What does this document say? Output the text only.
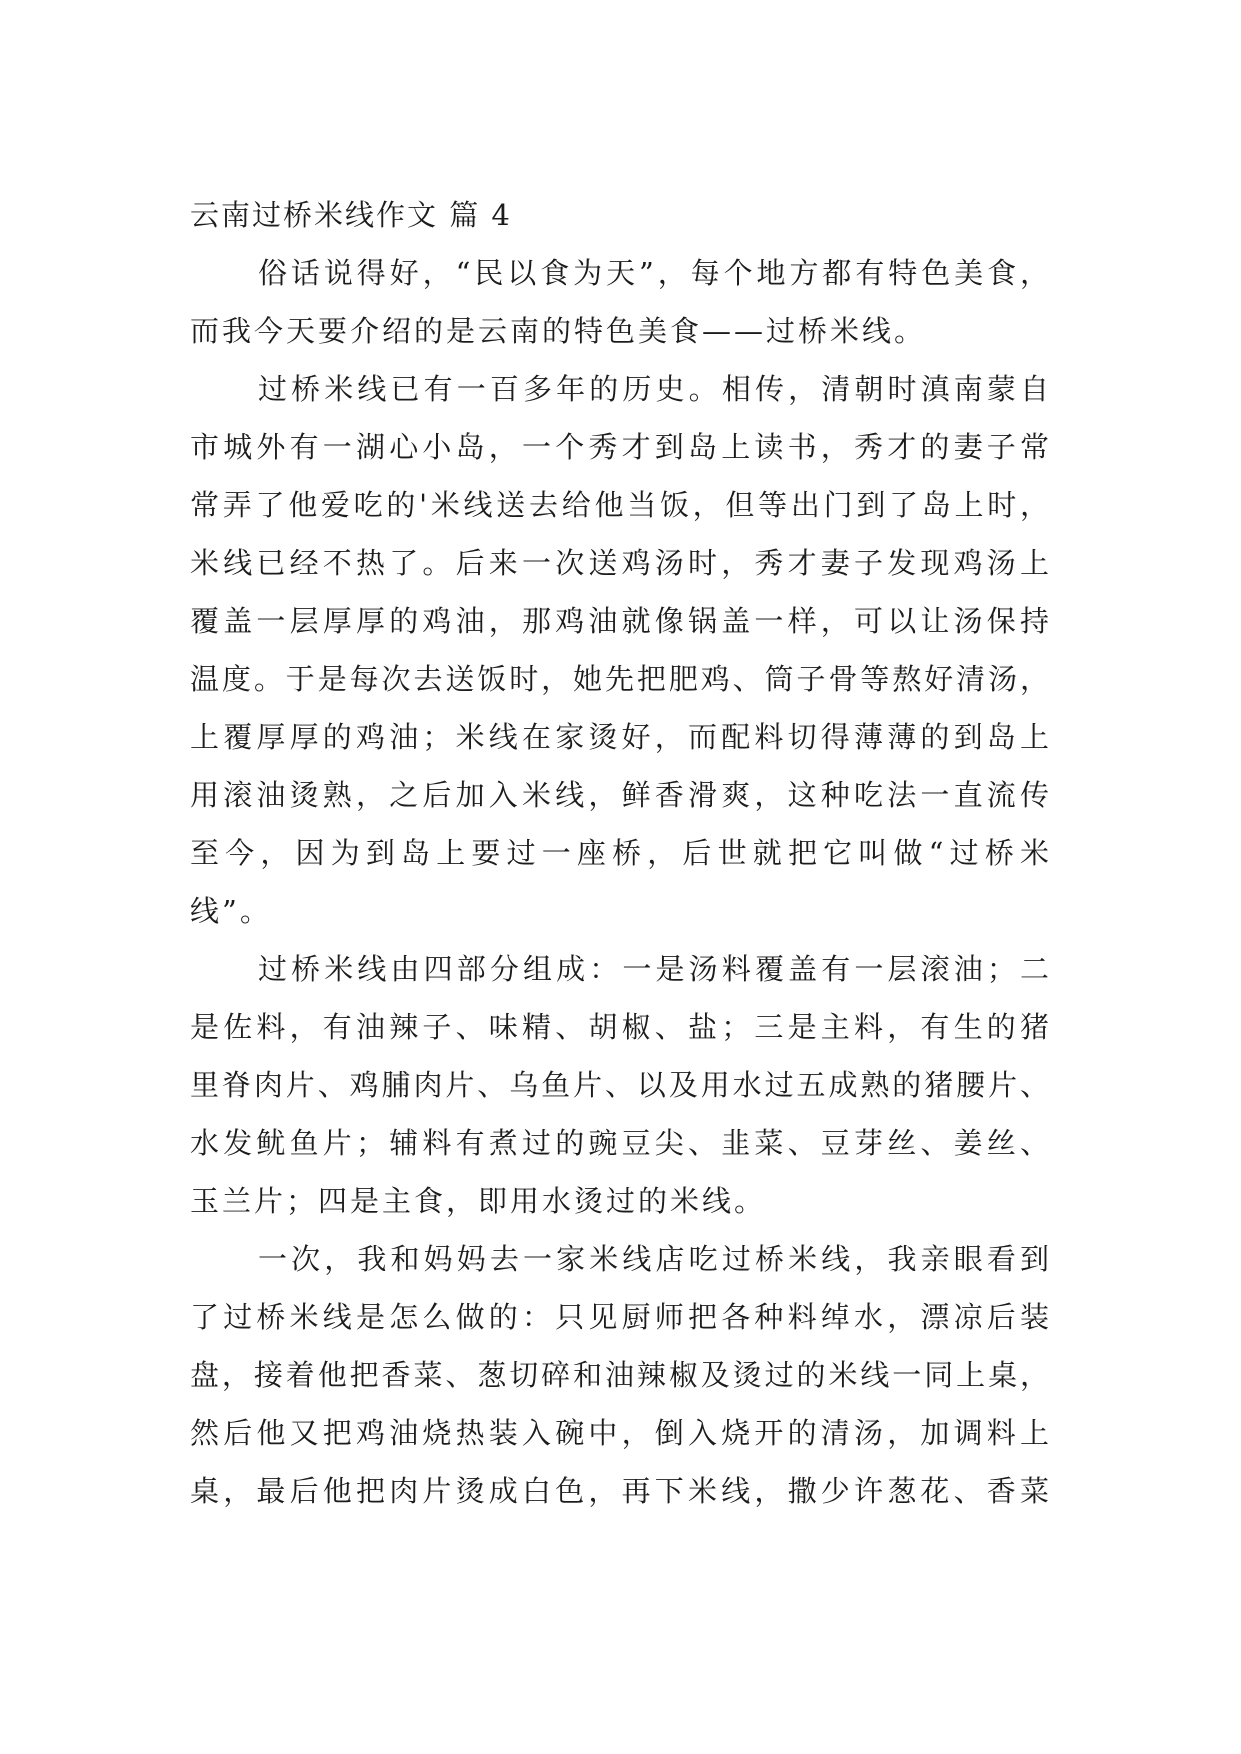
云南过桥米线作文 篇 4
俗话说得好，“民以食为天”，每个地方都有特色美食，
而我今天要介绍的是云南的特色美食——过桥米线。
过桥米线已有一百多年的历史。相传，清朝时滇南蒙自
市城外有一湖心小岛，一个秀才到岛上读书，秀才的妻子常
常弄了他爱吃的'米线送去给他当饭，但等出门到了岛上时，
米线已经不热了。后来一次送鸡汤时，秀才妻子发现鸡汤上
覆盖一层厚厚的鸡油，那鸡油就像锅盖一样，可以让汤保持
温度。于是每次去送饭时，她先把肥鸡、筒子骨等熬好清汤，
上覆厚厚的鸡油；米线在家烫好，而配料切得薄薄的到岛上
用滚油烫熟，之后加入米线，鲜香滑爽，这种吃法一直流传
至今，因为到岛上要过一座桥，后世就把它叫做“过桥米
线”。
过桥米线由四部分组成：一是汤料覆盖有一层滚油；二
是佐料，有油辣子、味精、胡椒、盐；三是主料，有生的猪
里脊肉片、鸡脯肉片、乌鱼片、以及用水过五成熟的猪腰片、
水发鱿鱼片；辅料有煮过的豌豆尖、韭菜、豆芽丝、姜丝、
玉兰片；四是主食，即用水烫过的米线。
一次，我和妈妈去一家米线店吃过桥米线，我亲眼看到
了过桥米线是怎么做的：只见厨师把各种料绰水，漂凉后装
盘，接着他把香菜、葱切碎和油辣椒及烫过的米线一同上桌，
然后他又把鸡油烧热装入碗中，倒入烧开的清汤，加调料上
桌，最后他把肉片烫成白色，再下米线，撒少许葱花、香菜
